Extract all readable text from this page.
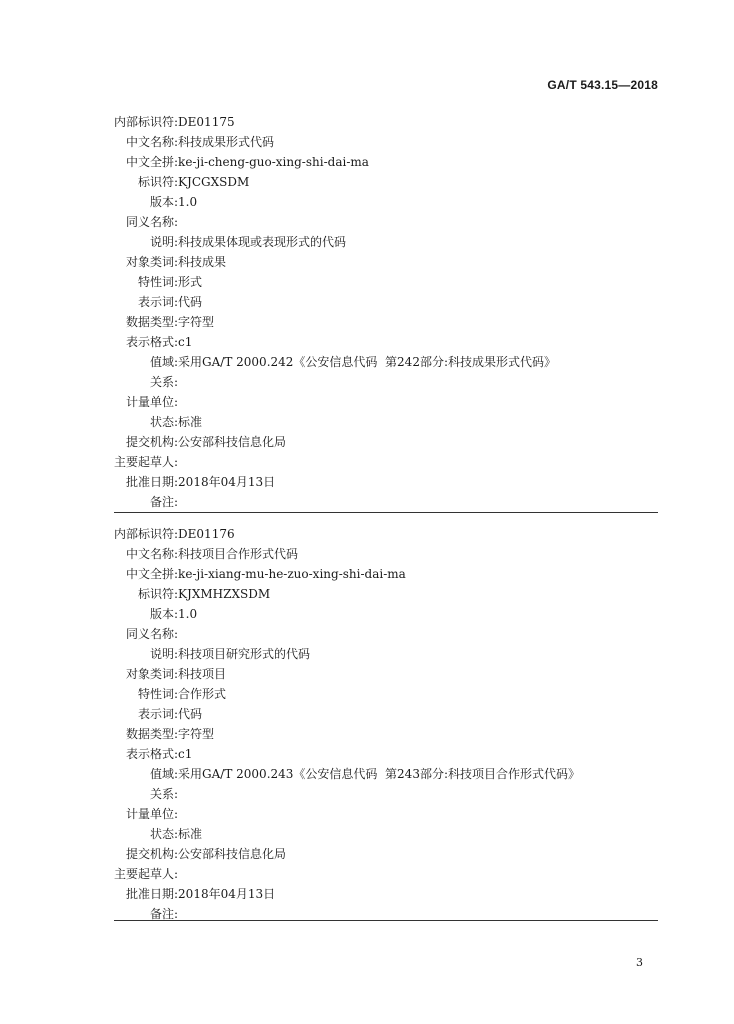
GA/T 543.15—2018
内部标识符:DE01175
中文名称:科技成果形式代码
中文全拼:ke-ji-cheng-guo-xing-shi-dai-ma
标识符:KJCGXSDM
版本:1.0
同义名称:
说明:科技成果体现或表现形式的代码
对象类词:科技成果
特性词:形式
表示词:代码
数据类型:字符型
表示格式:c1
值域:采用GA/T 2000.242《公安信息代码  第242部分:科技成果形式代码》
关系:
计量单位:
状态:标准
提交机构:公安部科技信息化局
主要起草人:
批准日期:2018年04月13日
备注:
内部标识符:DE01176
中文名称:科技项目合作形式代码
中文全拼:ke-ji-xiang-mu-he-zuo-xing-shi-dai-ma
标识符:KJXMHZXSDM
版本:1.0
同义名称:
说明:科技项目研究形式的代码
对象类词:科技项目
特性词:合作形式
表示词:代码
数据类型:字符型
表示格式:c1
值域:采用GA/T 2000.243《公安信息代码  第243部分:科技项目合作形式代码》
关系:
计量单位:
状态:标准
提交机构:公安部科技信息化局
主要起草人:
批准日期:2018年04月13日
备注:
3
